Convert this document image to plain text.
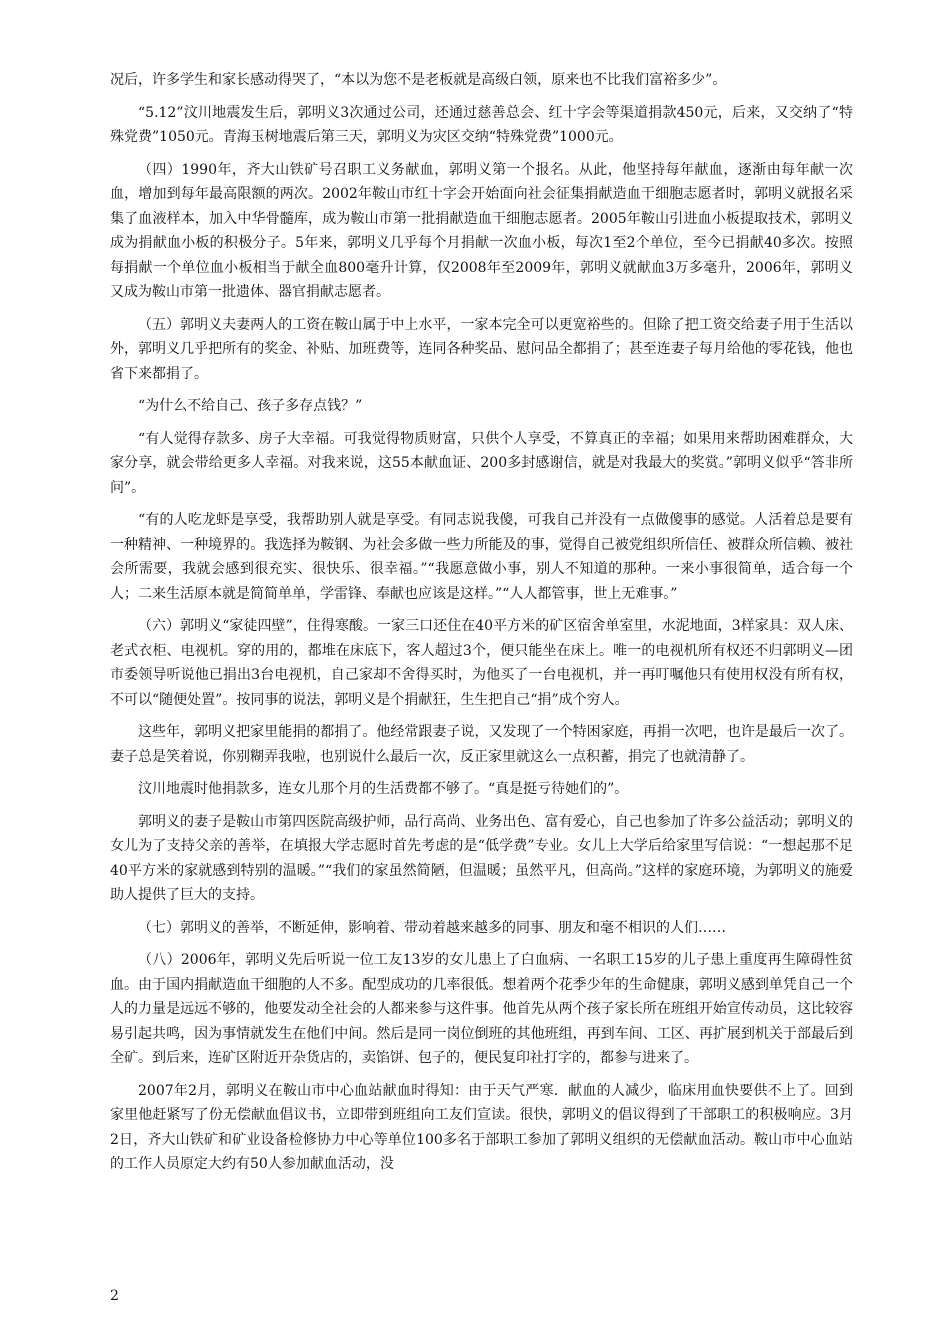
况后，许多学生和家长感动得哭了，“本以为您不是老板就是高级白领，原来也不比我们富裕多少”。

“5.12”汶川地震发生后，郭明义3次通过公司，还通过慈善总会、红十字会等渠道捐款450元，后来，又交纳了“特殊党费”1050元。青海玉树地震后第三天，郭明义为灾区交纳“特殊党费”1000元。

（四）1990年，齐大山铁矿号召职工义务献血，郭明义第一个报名。从此，他坚持每年献血，逐渐由每年献一次血，增加到每年最高限额的两次。2002年鞍山市红十字会开始面向社会征集捐献造血干细胞志愿者时，郭明义就报名采集了血液样本，加入中华骨髓库，成为鞍山市第一批捐献造血干细胞志愿者。2005年鞍山引进血小板提取技术，郭明义成为捐献血小板的积极分子。5年来，郭明义几乎每个月捐献一次血小板，每次1至2个单位，至今已捐献40多次。按照每捐献一个单位血小板相当于献全血800毫升计算，仅2008年至2009年，郭明义就献血3万多毫升，2006年，郭明义又成为鞍山市第一批遗体、器官捐献志愿者。

（五）郭明义夫妻两人的工资在鞍山属于中上水平，一家本完全可以更宽裕些的。但除了把工资交给妻子用于生活以外，郭明义几乎把所有的奖金、补贴、加班费等，连同各种奖品、慰问品全都捐了；甚至连妻子每月给他的零花钱，他也省下来都捐了。

“为什么不给自己、孩子多存点钱？”

“有人觉得存款多、房子大幸福。可我觉得物质财富，只供个人享受，不算真正的幸福；如果用来帮助困难群众，大家分享，就会带给更多人幸福。对我来说，这55本献血证、200多封感谢信，就是对我最大的奖赏。”郭明义似乎“答非所问”。

“有的人吃龙虾是享受，我帮助别人就是享受。有同志说我傻，可我自己并没有一点做傻事的感觉。人活着总是要有一种精神、一种境界的。我选择为鞍钢、为社会多做一些力所能及的事，觉得自己被党组织所信任、被群众所信赖、被社会所需要，我就会感到很充实、很快乐、很幸福。”“我愿意做小事，别人不知道的那种。一来小事很简单，适合每一个人；二来生活原本就是简简单单，学雷锋、奉献也应该是这样。”“人人都管事，世上无难事。”

（六）郭明义“家徒四壁”，住得寒酸。一家三口还住在40平方米的矿区宿舍单室里，水泥地面，3样家具：双人床、老式衣柜、电视机。穿的用的，都堆在床底下，客人超过3个，便只能坐在床上。唯一的电视机所有权还不归郭明义—团市委领导听说他已捐出3台电视机，自己家却不舍得买时，为他买了一台电视机，并一再叮嘱他只有使用权没有所有权，不可以“随便处置”。按同事的说法，郭明义是个捐献狂，生生把自己“捐”成个穷人。

这些年，郭明义把家里能捐的都捐了。他经常跟妻子说，又发现了一个特困家庭，再捐一次吧，也许是最后一次了。妻子总是笑着说，你别糊弄我啦，也别说什么最后一次，反正家里就这么一点积蓄，捐完了也就清静了。

汶川地震时他捐款多，连女儿那个月的生活费都不够了。“真是挺亏待她们的”。

郭明义的妻子是鞍山市第四医院高级护师，品行高尚、业务出色、富有爱心，自己也参加了许多公益活动；郭明义的女儿为了支持父亲的善举，在填报大学志愿时首先考虑的是“低学费”专业。女儿上大学后给家里写信说：“一想起那不足40平方米的家就感到特别的温暖。”“我们的家虽然简陋，但温暖；虽然平凡，但高尚。”这样的家庭环境，为郭明义的施爱助人提供了巨大的支持。

（七）郭明义的善举，不断延伸，影响着、带动着越来越多的同事、朋友和毫不相识的人们……

（八）2006年，郭明义先后听说一位工友13岁的女儿患上了白血病、一名职工15岁的儿子患上重度再生障碍性贫血。由于国内捐献造血干细胞的人不多。配型成功的几率很低。想着两个花季少年的生命健康，郭明义感到单凭自己一个人的力量是远远不够的，他要发动全社会的人都来参与这件事。他首先从两个孩子家长所在班组开始宣传动员，这比较容易引起共鸣，因为事情就发生在他们中间。然后是同一岗位倒班的其他班组，再到车间、工区、再扩展到机关于部最后到全矿。到后来，连矿区附近开杂货店的，卖馅饼、包子的，便民复印社打字的，都参与进来了。

2007年2月，郭明义在鞍山市中心血站献血时得知：由于天气严寒．献血的人减少，临床用血快要供不上了。回到家里他赶紧写了份无偿献血倡议书，立即带到班组向工友们宣读。很快，郭明义的倡议得到了干部职工的积极响应。3月2日，齐大山铁矿和矿业设备检修协力中心等单位100多名于部职工参加了郭明义组织的无偿献血活动。鞍山市中心血站的工作人员原定大约有50人参加献血活动，没

2
